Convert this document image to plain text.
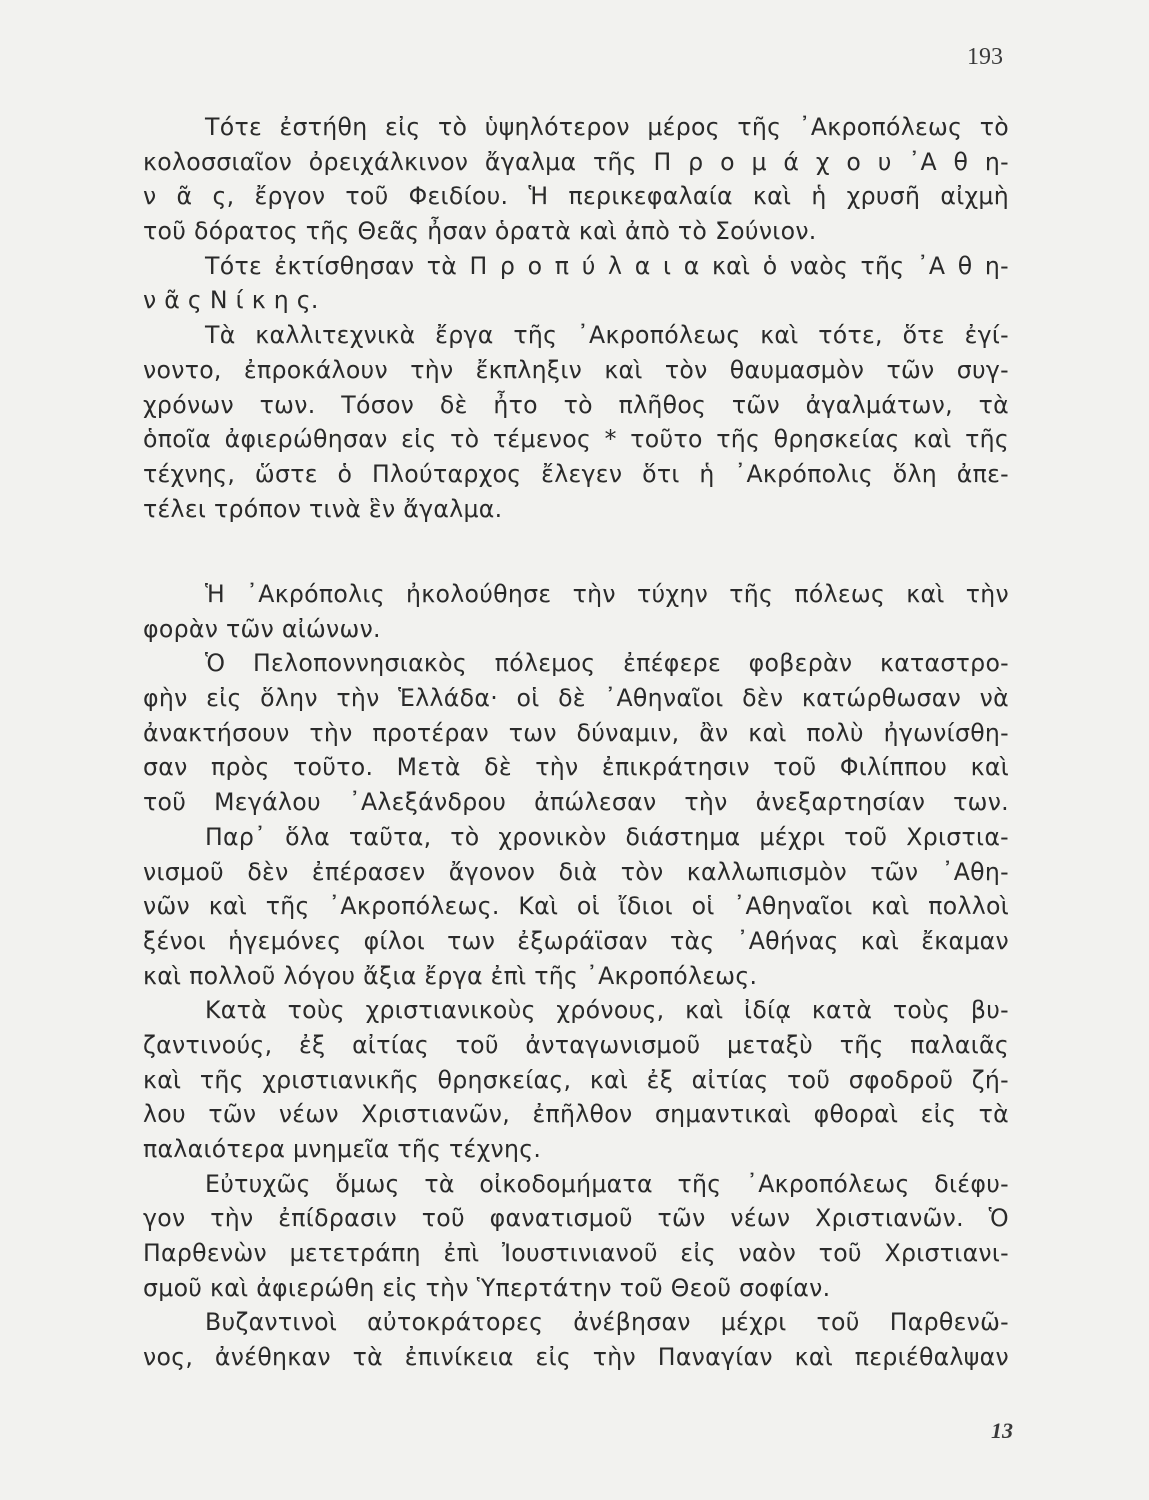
193
Τότε ἐστήθη εἰς τὸ ὑψηλότερον μέρος τῆς ᾿Ακροπόλεως τὸ
κολοσσιαῖον ὀρειχάλκινον ἄγαλμα τῆς Π ρ ο μ ά χ ο υ ᾿Α θ η-
ν ᾶ ς, ἔργον τοῦ Φειδίου. Ἡ περικεφαλαία καὶ ἡ χρυσῆ αἰχμὴ
τοῦ δόρατος τῆς Θεᾶς ἦσαν ὁρατὰ καὶ ἀπὸ τὸ Σούνιον.
Τότε ἐκτίσθησαν τὰ Π ρ ο π ύ λ α ι α καὶ ὁ ναὸς τῆς ᾿Α θ η-
ν ᾶ ς Ν ί κ η ς.
Τὰ καλλιτεχνικὰ ἔργα τῆς ᾿Ακροπόλεως καὶ τότε, ὅτε ἐγί-
νοντο, ἐπροκάλουν τὴν ἔκπληξιν καὶ τὸν θαυμασμὸν τῶν συγ-
χρόνων των. Τόσον δὲ ἦτο τὸ πλῆθος τῶν ἀγαλμάτων, τὰ
ὁποῖα ἀφιερώθησαν εἰς τὸ τέμενος * τοῦτο τῆς θρησκείας καὶ τῆς
τέχνης, ὥστε ὁ Πλούταρχος ἔλεγεν ὅτι ἡ ᾿Ακρόπολις ὅλη ἀπε-
τέλει τρόπον τινὰ ἓν ἄγαλμα.
Ἡ ᾿Ακρόπολις ἠκολούθησε τὴν τύχην τῆς πόλεως καὶ τὴν
φορὰν τῶν αἰώνων.
Ὁ Πελοποννησιακὸς πόλεμος ἐπέφερε φοβερὰν καταστρο-
φὴν εἰς ὅλην τὴν Ἑλλάδα· οἱ δὲ ᾿Αθηναῖοι δὲν κατώρθωσαν νὰ
ἀνακτήσουν τὴν προτέραν των δύναμιν, ἂν καὶ πολὺ ἠγωνίσθη-
σαν πρὸς τοῦτο. Μετὰ δὲ τὴν ἐπικράτησιν τοῦ Φιλίππου καὶ
τοῦ Μεγάλου ᾿Αλεξάνδρου ἀπώλεσαν τὴν ἀνεξαρτησίαν των.
Παρ᾿ ὅλα ταῦτα, τὸ χρονικὸν διάστημα μέχρι τοῦ Χριστια-
νισμοῦ δὲν ἐπέρασεν ἄγονον διὰ τὸν καλλωπισμὸν τῶν ᾿Αθη-
νῶν καὶ τῆς ᾿Ακροπόλεως. Καὶ οἱ ἴδιοι οἱ ᾿Αθηναῖοι καὶ πολλοὶ
ξένοι ἡγεμόνες φίλοι των ἐξωράϊσαν τὰς ᾿Αθήνας καὶ ἔκαμαν
καὶ πολλοῦ λόγου ἄξια ἔργα ἐπὶ τῆς ᾿Ακροπόλεως.
Κατὰ τοὺς χριστιανικοὺς χρόνους, καὶ ἰδίᾳ κατὰ τοὺς βυ-
ζαντινούς, ἐξ αἰτίας τοῦ ἀνταγωνισμοῦ μεταξὺ τῆς παλαιᾶς
καὶ τῆς χριστιανικῆς θρησκείας, καὶ ἐξ αἰτίας τοῦ σφοδροῦ ζή-
λου τῶν νέων Χριστιανῶν, ἐπῆλθον σημαντικαὶ φθοραὶ εἰς τὰ
παλαιότερα μνημεῖα τῆς τέχνης.
Εὐτυχῶς ὅμως τὰ οἰκοδομήματα τῆς ᾿Ακροπόλεως διέφυ-
γον τὴν ἐπίδρασιν τοῦ φανατισμοῦ τῶν νέων Χριστιανῶν. Ὁ
Παρθενὼν μετετράπη ἐπὶ Ἰουστινιανοῦ εἰς ναὸν τοῦ Χριστιανι-
σμοῦ καὶ ἀφιερώθη εἰς τὴν Ὑπερτάτην τοῦ Θεοῦ σοφίαν.
Βυζαντινοὶ αὐτοκράτορες ἀνέβησαν μέχρι τοῦ Παρθενῶ-
νος, ἀνέθηκαν τὰ ἐπινίκεια εἰς τὴν Παναγίαν καὶ περιέθαλψαν
13
